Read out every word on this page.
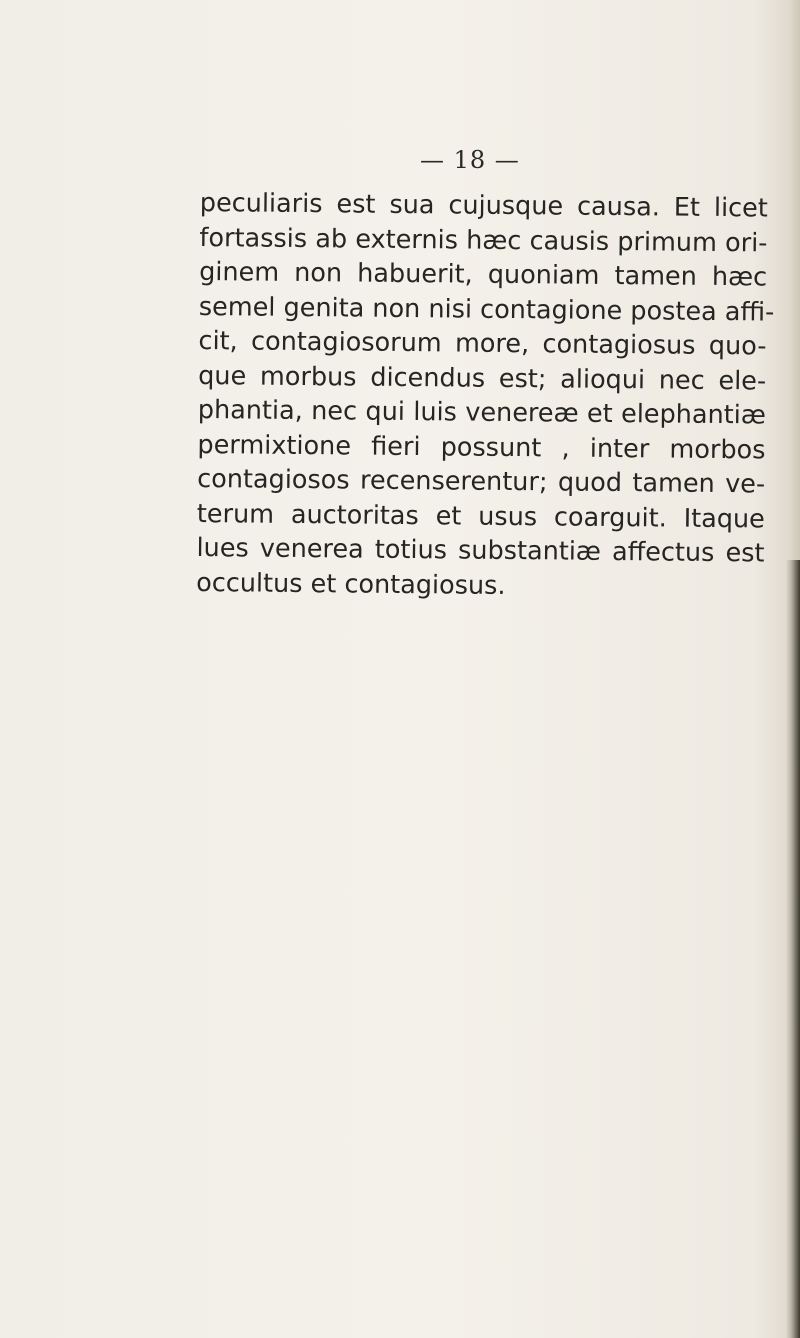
— 18 —
peculiaris est sua cujusque causa. Et licet
fortassis ab externis hæc causis primum ori-
ginem non habuerit, quoniam tamen hæc
semel genita non nisi contagione postea affi-
cit, contagiosorum more, contagiosus quo-
que morbus dicendus est; alioqui nec ele-
phantia, nec qui luis venereæ et elephantiæ
permixtione fieri possunt , inter morbos
contagiosos recenserentur; quod tamen ve-
terum auctoritas et usus coarguit. Itaque
lues venerea totius substantiæ affectus est
occultus et contagiosus.
